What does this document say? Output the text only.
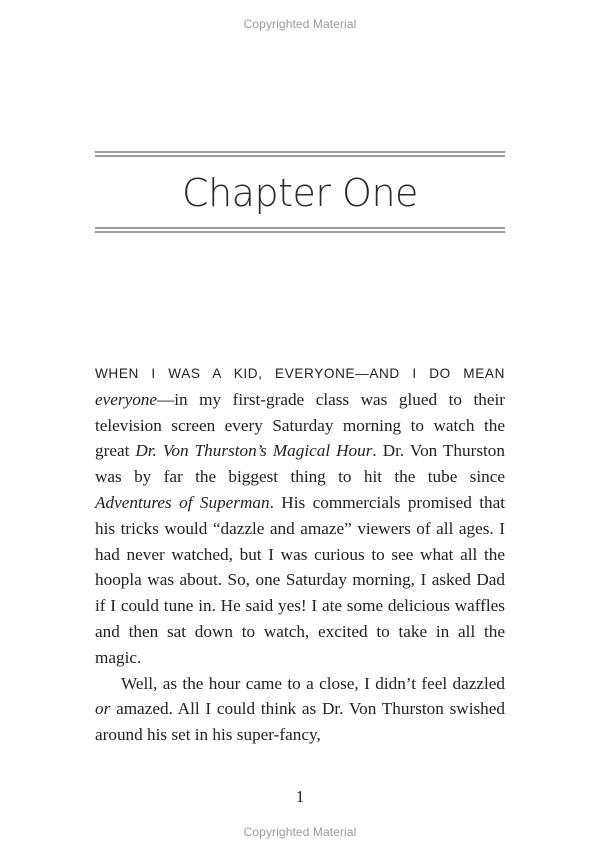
Copyrighted Material
Chapter One

WHEN I WAS A KID, EVERYONE—AND I DO MEAN everyone—in my first-grade class was glued to their television screen every Saturday morning to watch the great Dr. Von Thurston’s Magical Hour. Dr. Von Thurston was by far the biggest thing to hit the tube since Adventures of Superman. His commercials promised that his tricks would “dazzle and amaze” viewers of all ages. I had never watched, but I was curious to see what all the hoopla was about. So, one Saturday morning, I asked Dad if I could tune in. He said yes! I ate some delicious waffles and then sat down to watch, excited to take in all the magic.

Well, as the hour came to a close, I didn’t feel dazzled or amazed. All I could think as Dr. Von Thurston swished around his set in his super-fancy,

1
Copyrighted Material
